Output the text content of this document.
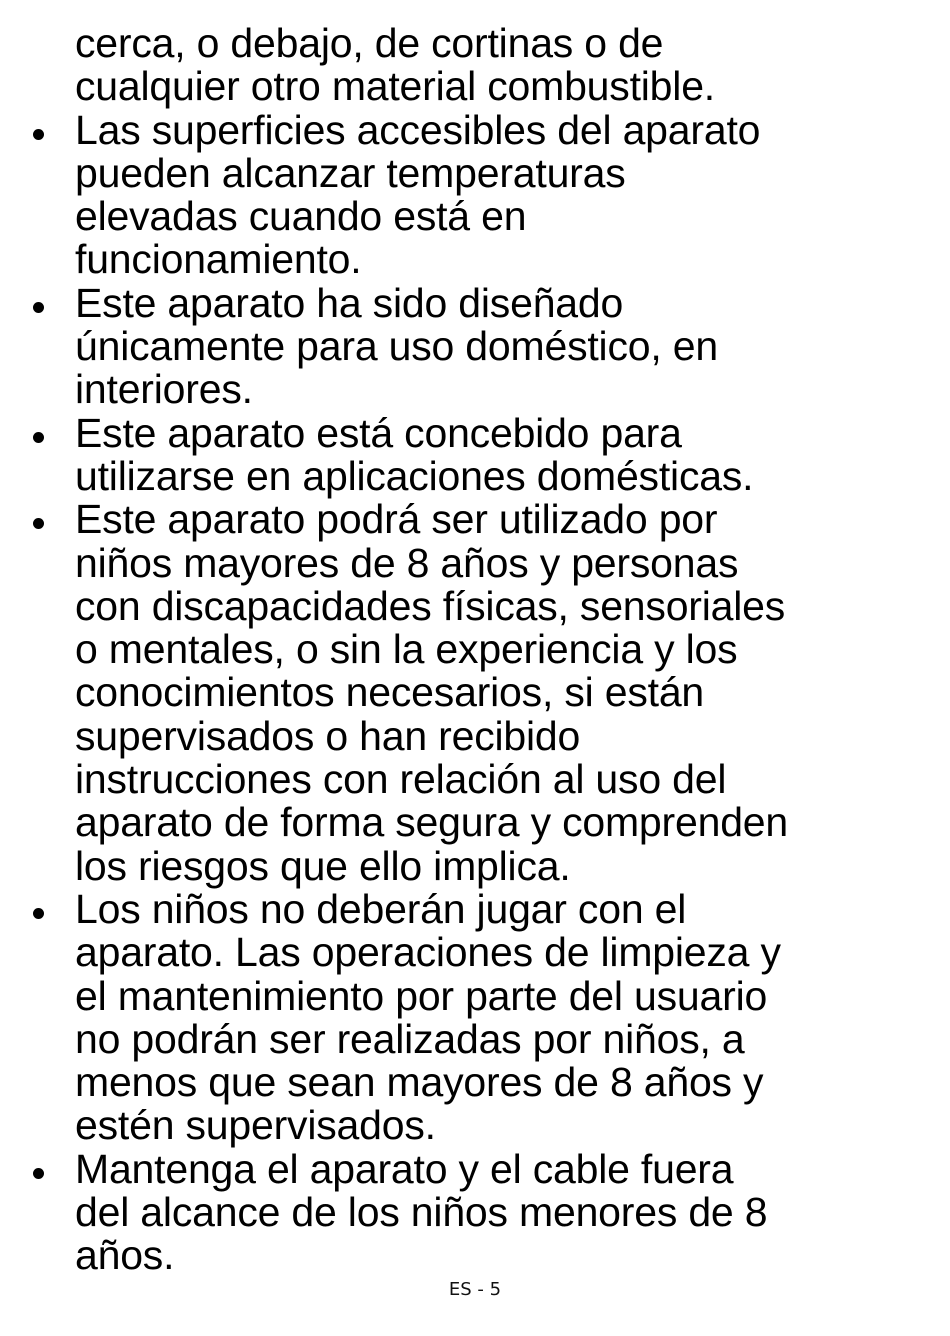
cerca, o debajo, de cortinas o de
cualquier otro material combustible.
Las superficies accesibles del aparato
pueden alcanzar temperaturas
elevadas cuando está en
funcionamiento.
Este aparato ha sido diseñado
únicamente para uso doméstico, en
interiores.
Este aparato está concebido para
utilizarse en aplicaciones domésticas.
Este aparato podrá ser utilizado por
niños mayores de 8 años y personas
con discapacidades físicas, sensoriales
o mentales, o sin la experiencia y los
conocimientos necesarios, si están
supervisados o han recibido
instrucciones con relación al uso del
aparato de forma segura y comprenden
los riesgos que ello implica.
Los niños no deberán jugar con el
aparato. Las operaciones de limpieza y
el mantenimiento por parte del usuario
no podrán ser realizadas por niños, a
menos que sean mayores de 8 años y
estén supervisados.
Mantenga el aparato y el cable fuera
del alcance de los niños menores de 8
años.
ES - 5
